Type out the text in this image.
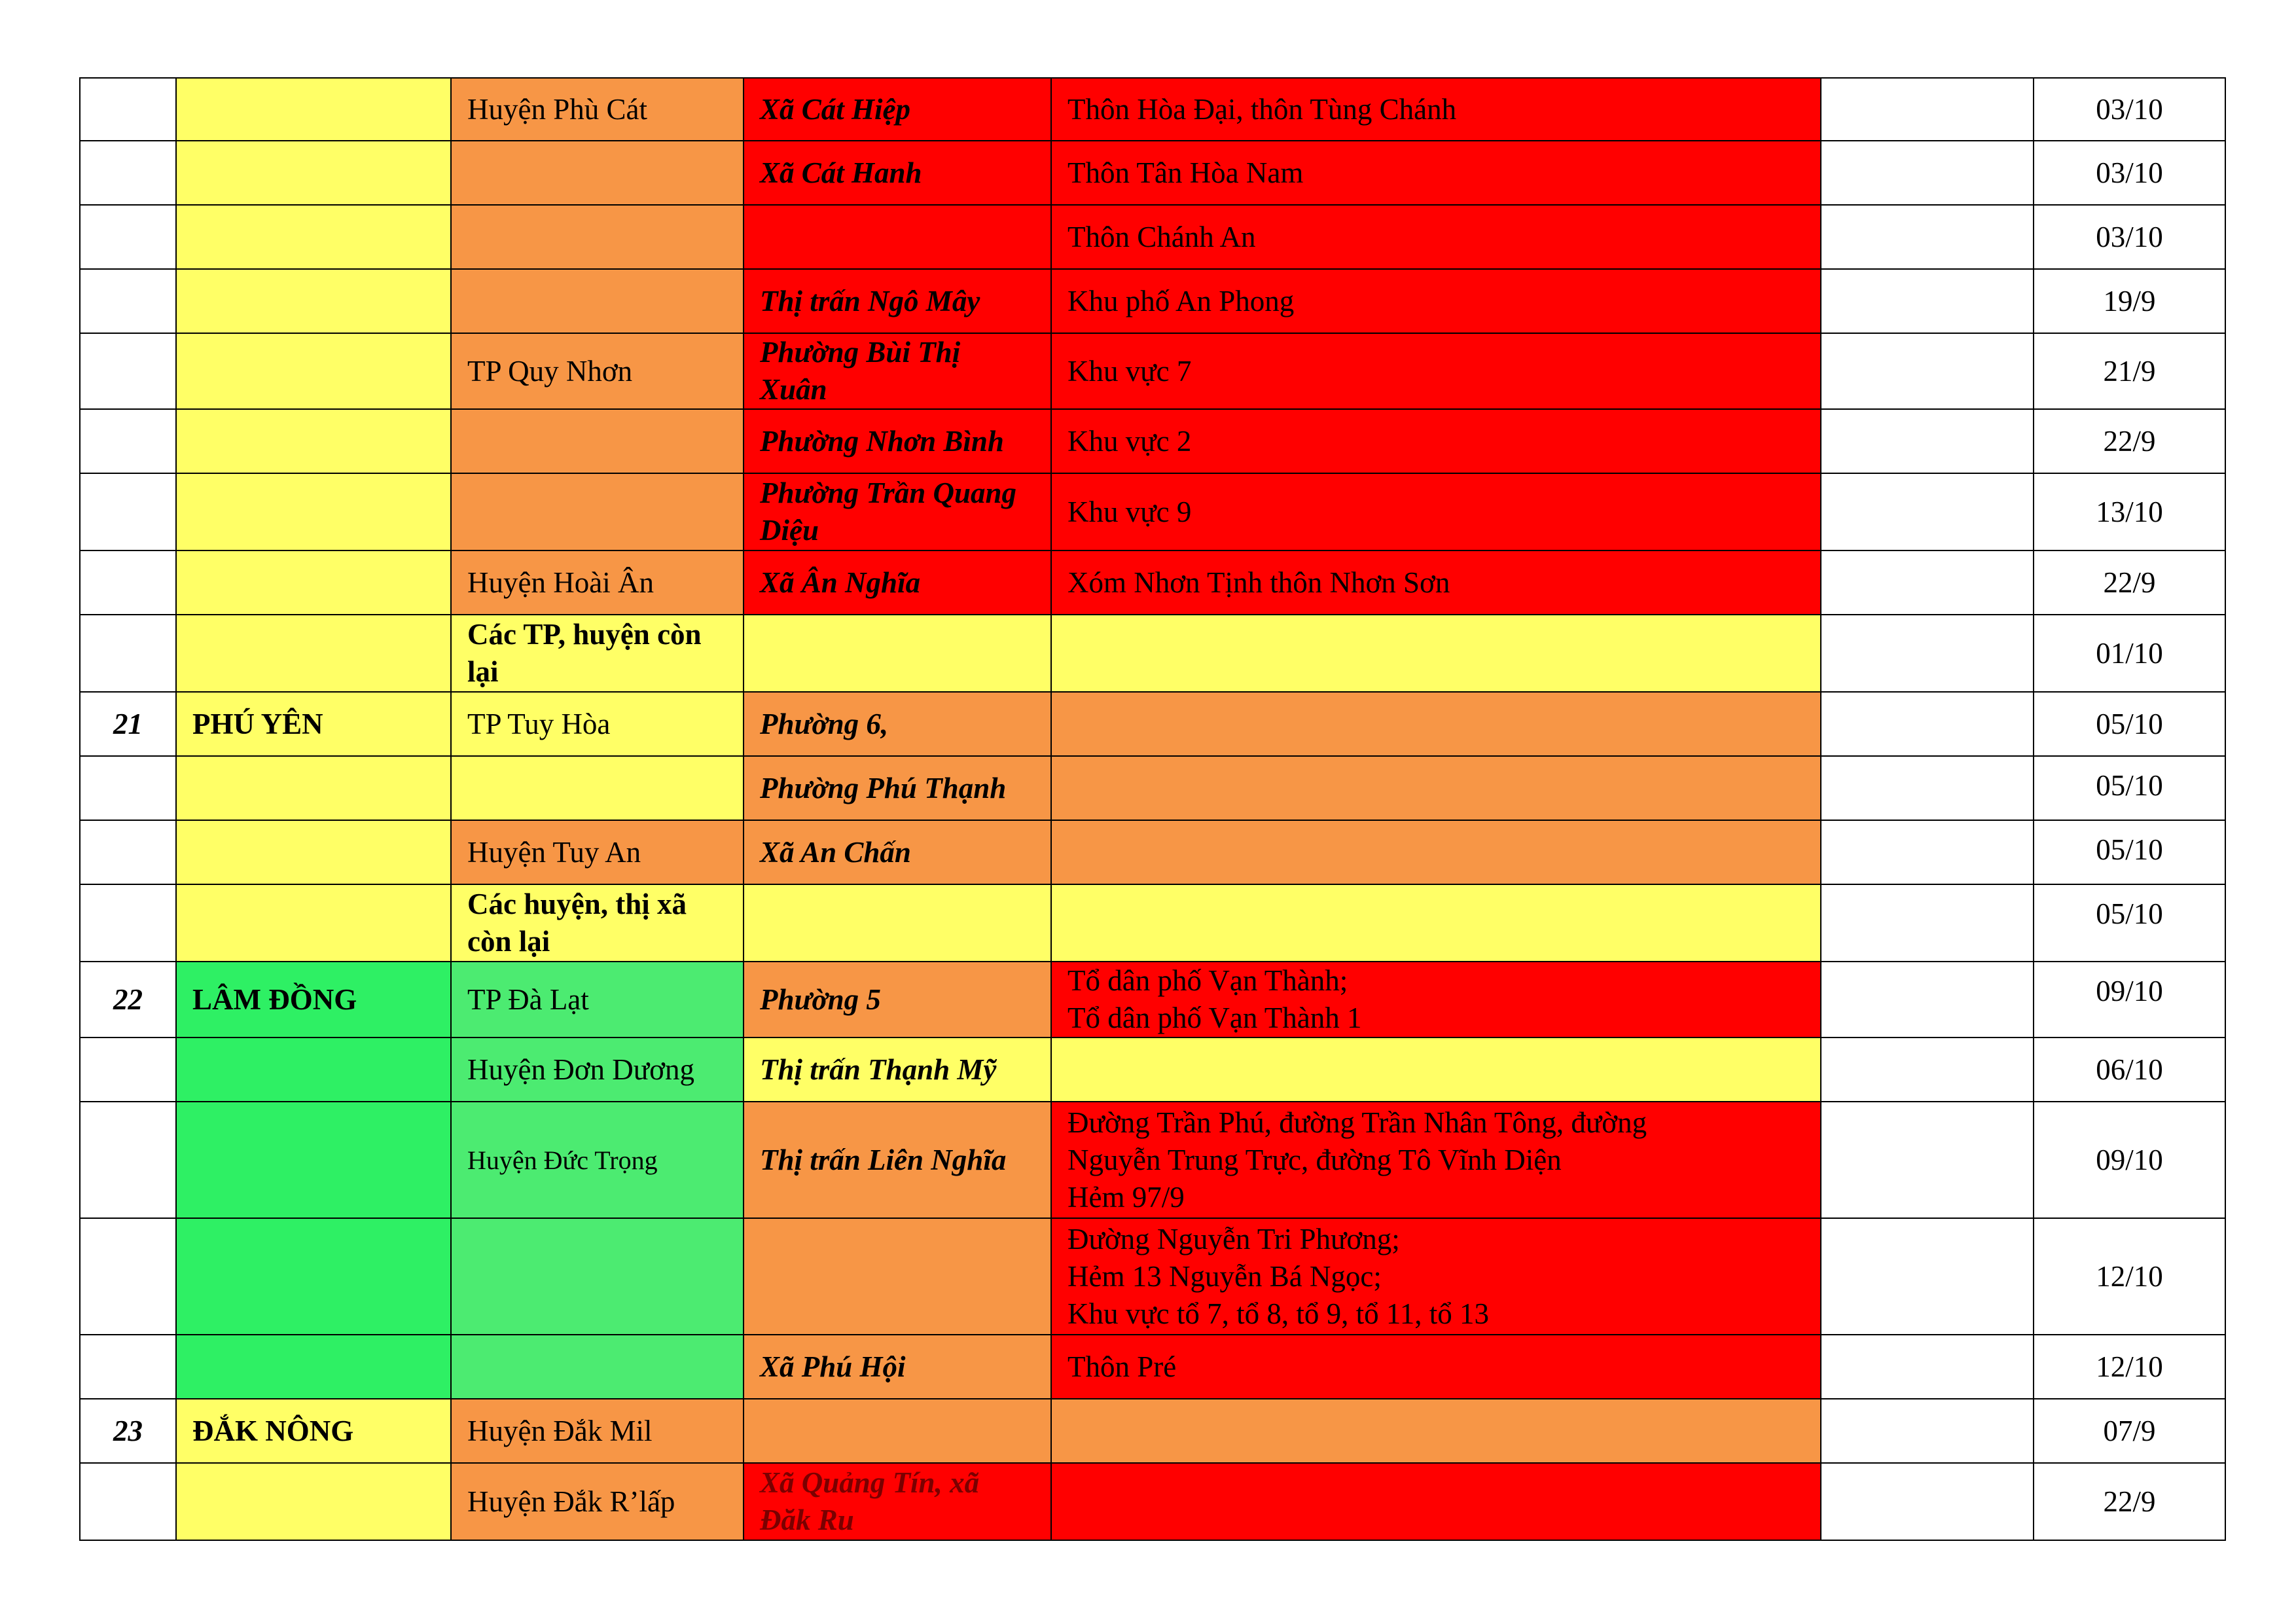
		Huyện Phù Cát	Xã Cát Hiệp	Thôn Hòa Đại, thôn Tùng Chánh		03/10
			Xã Cát Hanh	Thôn Tân Hòa Nam		03/10

				Thôn Chánh An		03/10
			Thị trấn Ngô Mây	Khu phố An Phong		19/9
		TP Quy Nhơn	Phường Bùi Thị Xuân	Khu vực 7		21/9
			Phường Nhơn Bình	Khu vực 2		22/9
			Phường Trần Quang Diệu	Khu vực 9		13/10
		Huyện Hoài Ân	Xã Ân Nghĩa	Xóm Nhơn Tịnh thôn Nhơn Sơn		22/9
		Các TP, huyện còn lại				01/10
21	PHÚ YÊN	TP Tuy Hòa	Phường 6,			05/10
			Phường Phú Thạnh			05/10
		Huyện Tuy An	Xã An Chấn			05/10
		Các huyện, thị xã còn lại				05/10
22	LÂM ĐỒNG	TP Đà Lạt	Phường 5	Tổ dân phố Vạn Thành;
Tổ dân phố Vạn Thành 1		09/10
		Huyện Đơn Dương	Thị trấn Thạnh Mỹ			06/10
		Huyện Đức Trọng	Thị trấn Liên Nghĩa	Đường Trần Phú, đường Trần Nhân Tông, đường
Nguyễn Trung Trực, đường Tô Vĩnh Diện
Hẻm 97/9		09/10

				Đường Nguyễn Tri Phương;
Hẻm 13 Nguyễn Bá Ngọc;
Khu vực tổ 7, tổ 8, tổ 9, tổ 11, tổ 13		12/10
			Xã Phú Hội	Thôn Pré		12/10
23	ĐẮK NÔNG	Huyện Đắk Mil				07/9
		Huyện Đắk R’lấp	Xã Quảng Tín, xã Đăk Ru			22/9
